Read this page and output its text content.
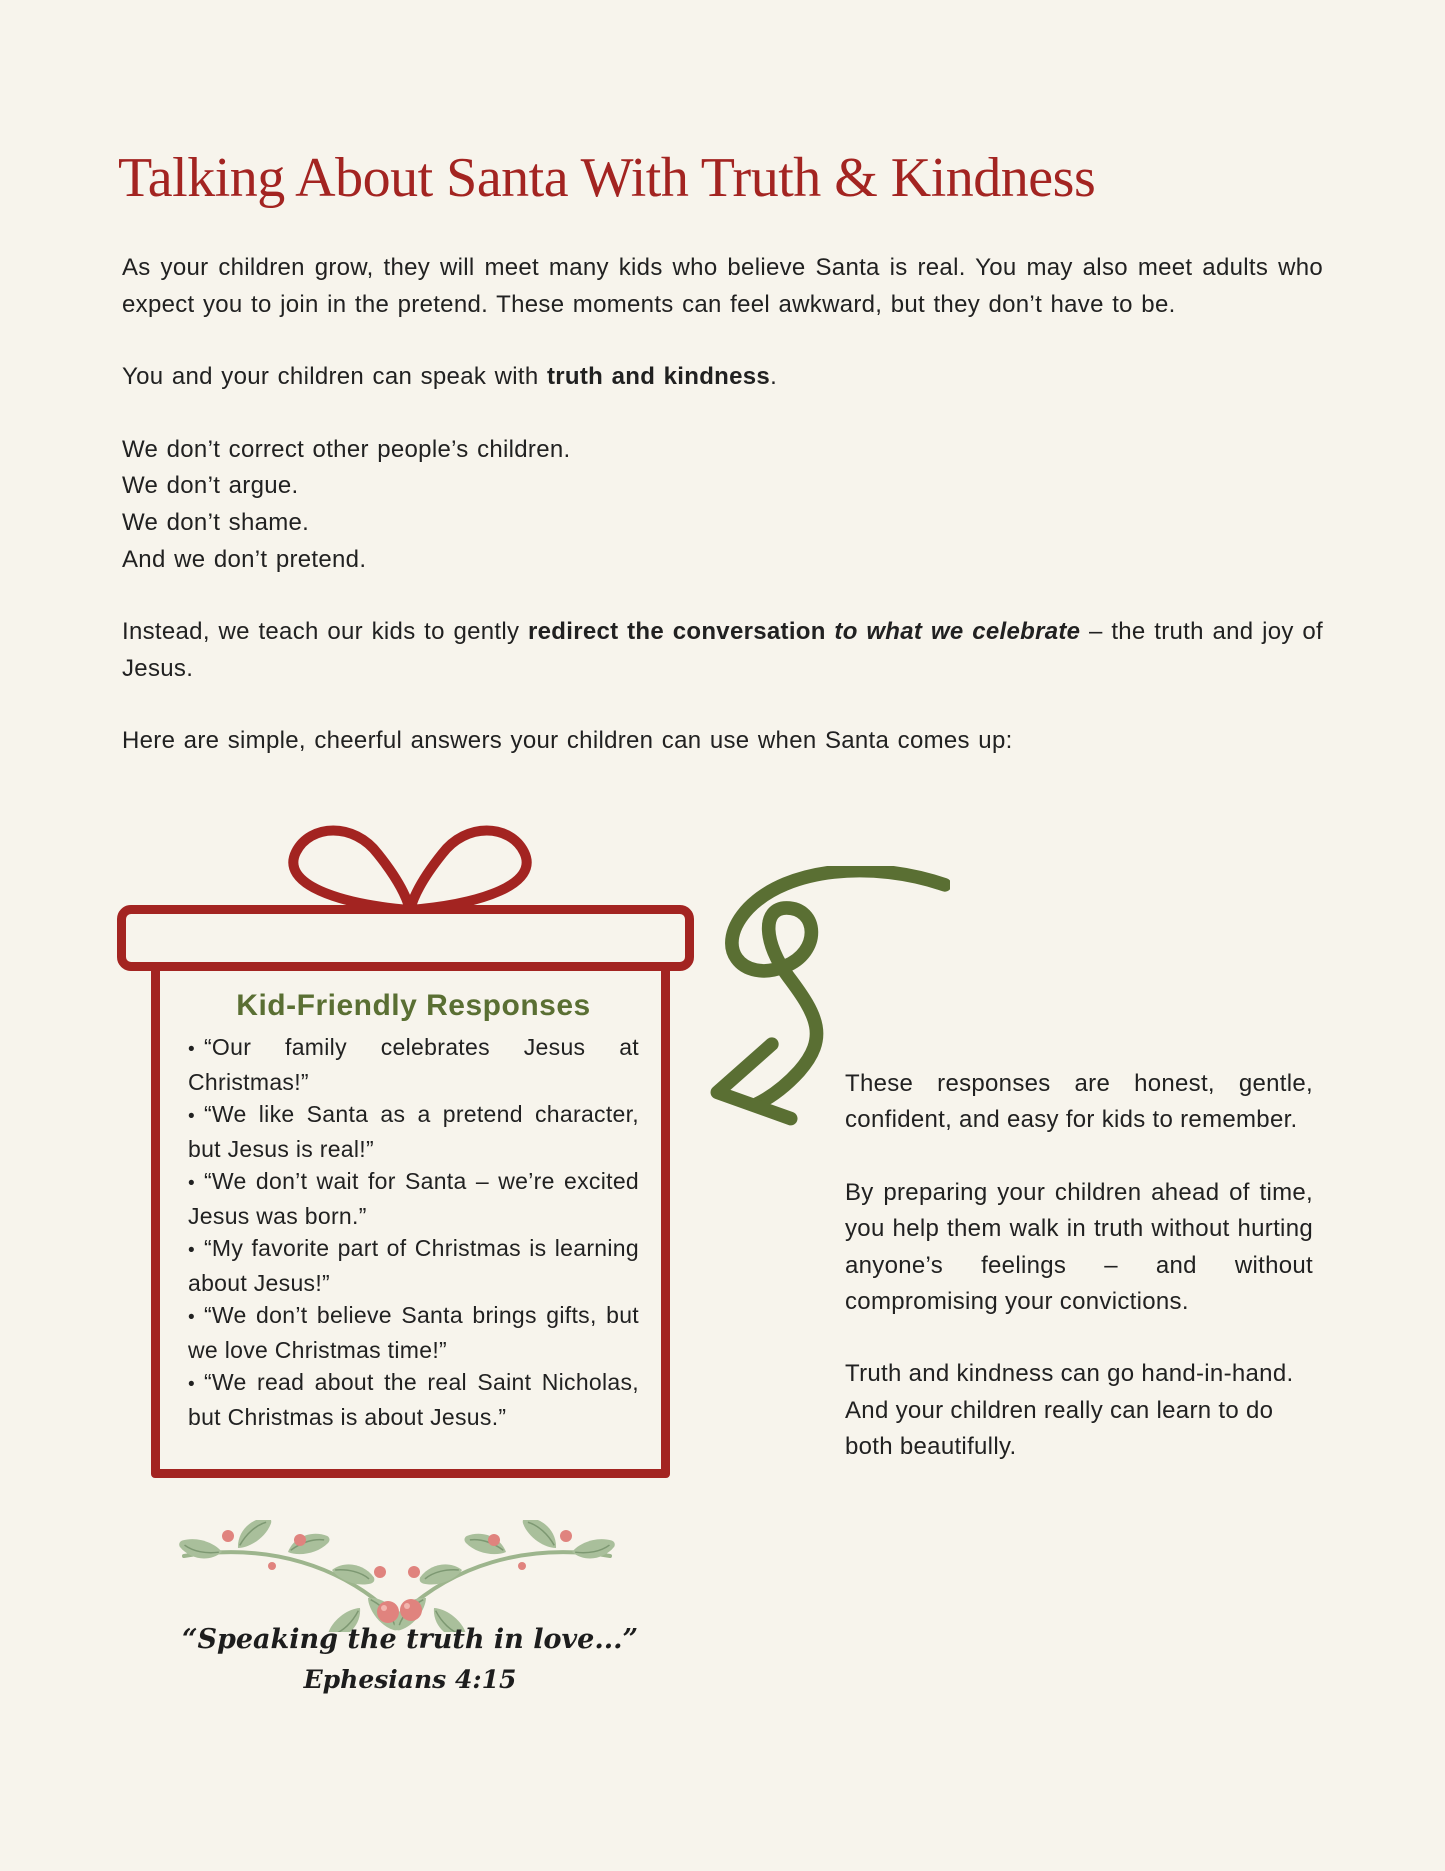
Talking About Santa With Truth & Kindness

As your children grow, they will meet many kids who believe Santa is real. You may also meet adults who expect you to join in the pretend. These moments can feel awkward, but they don’t have to be.

You and your children can speak with truth and kindness.

We don’t correct other people’s children.

We don’t argue.

We don’t shame.

And we don’t pretend.

Instead, we teach our kids to gently redirect the conversation to what we celebrate – the truth and joy of Jesus.

Here are simple, cheerful answers your children can use when Santa comes up:

Kid-Friendly Responses

• “Our family celebrates Jesus at Christmas!”

• “We like Santa as a pretend character, but Jesus is real!”

• “We don’t wait for Santa – we’re excited Jesus was born.”

• “My favorite part of Christmas is learning about Jesus!”

• “We don’t believe Santa brings gifts, but we love Christmas time!”

• “We read about the real Saint Nicholas, but Christmas is about Jesus.”

These responses are honest, gentle, confident, and easy for kids to remember.

By preparing your children ahead of time, you help them walk in truth without hurting anyone’s feelings – and without compromising your convictions.

Truth and kindness can go hand-in-hand.

And your children really can learn to do both beautifully.

“Speaking the truth in love...”

Ephesians 4:15
